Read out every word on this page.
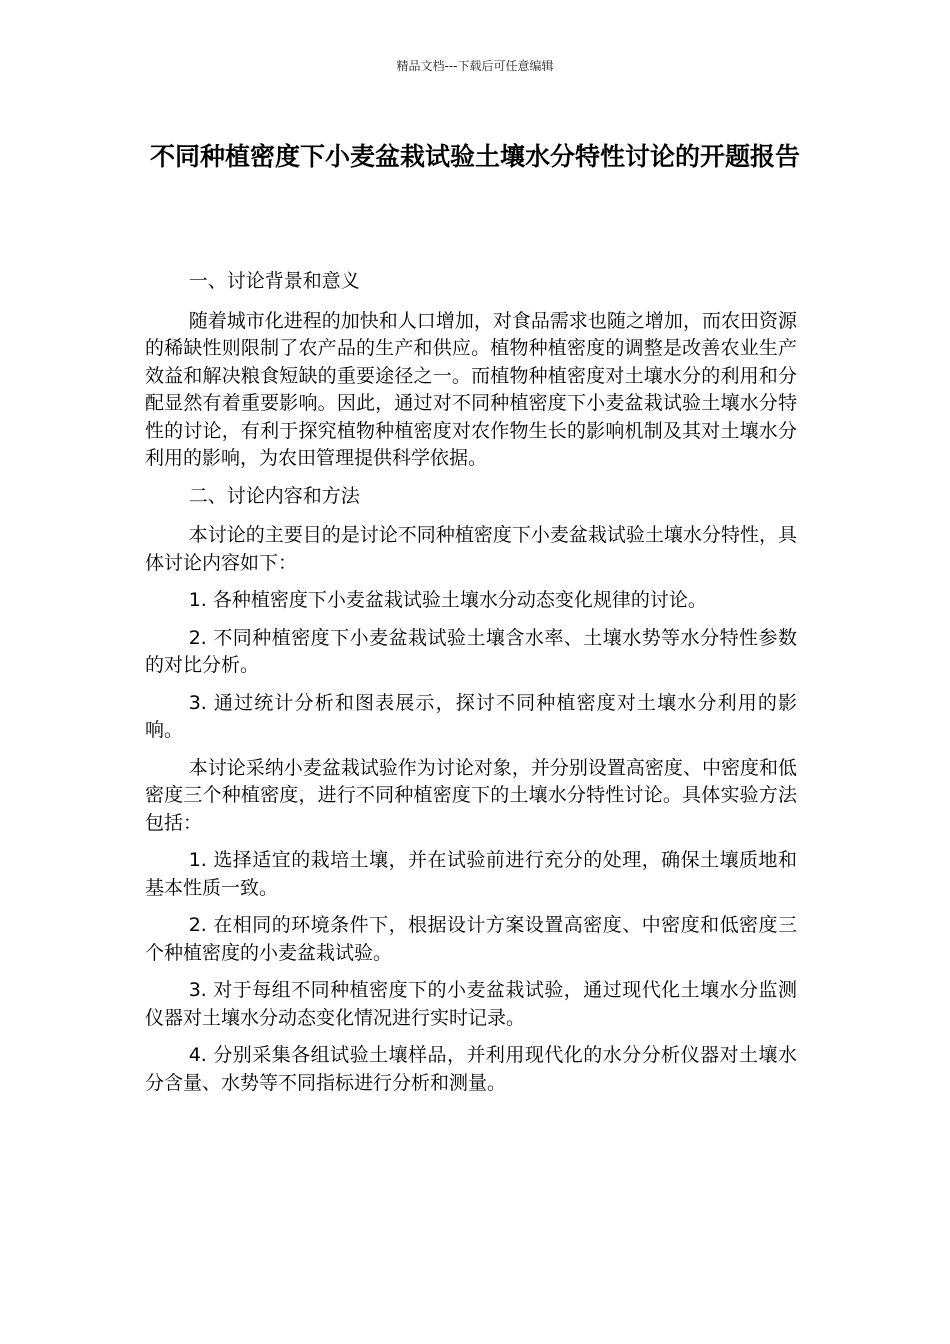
精品文档---下载后可任意编辑
不同种植密度下小麦盆栽试验土壤水分特性讨论的开题报告

一、讨论背景和意义

随着城市化进程的加快和人口增加，对食品需求也随之增加，而农田资源的稀缺性则限制了农产品的生产和供应。植物种植密度的调整是改善农业生产效益和解决粮食短缺的重要途径之一。而植物种植密度对土壤水分的利用和分配显然有着重要影响。因此，通过对不同种植密度下小麦盆栽试验土壤水分特性的讨论，有利于探究植物种植密度对农作物生长的影响机制及其对土壤水分利用的影响，为农田管理提供科学依据。

二、讨论内容和方法

本讨论的主要目的是讨论不同种植密度下小麦盆栽试验土壤水分特性，具体讨论内容如下：

1. 各种植密度下小麦盆栽试验土壤水分动态变化规律的讨论。

2. 不同种植密度下小麦盆栽试验土壤含水率、土壤水势等水分特性参数的对比分析。

3. 通过统计分析和图表展示，探讨不同种植密度对土壤水分利用的影响。

本讨论采纳小麦盆栽试验作为讨论对象，并分别设置高密度、中密度和低密度三个种植密度，进行不同种植密度下的土壤水分特性讨论。具体实验方法包括：

1. 选择适宜的栽培土壤，并在试验前进行充分的处理，确保土壤质地和基本性质一致。

2. 在相同的环境条件下，根据设计方案设置高密度、中密度和低密度三个种植密度的小麦盆栽试验。

3. 对于每组不同种植密度下的小麦盆栽试验，通过现代化土壤水分监测仪器对土壤水分动态变化情况进行实时记录。

4. 分别采集各组试验土壤样品，并利用现代化的水分分析仪器对土壤水分含量、水势等不同指标进行分析和测量。
